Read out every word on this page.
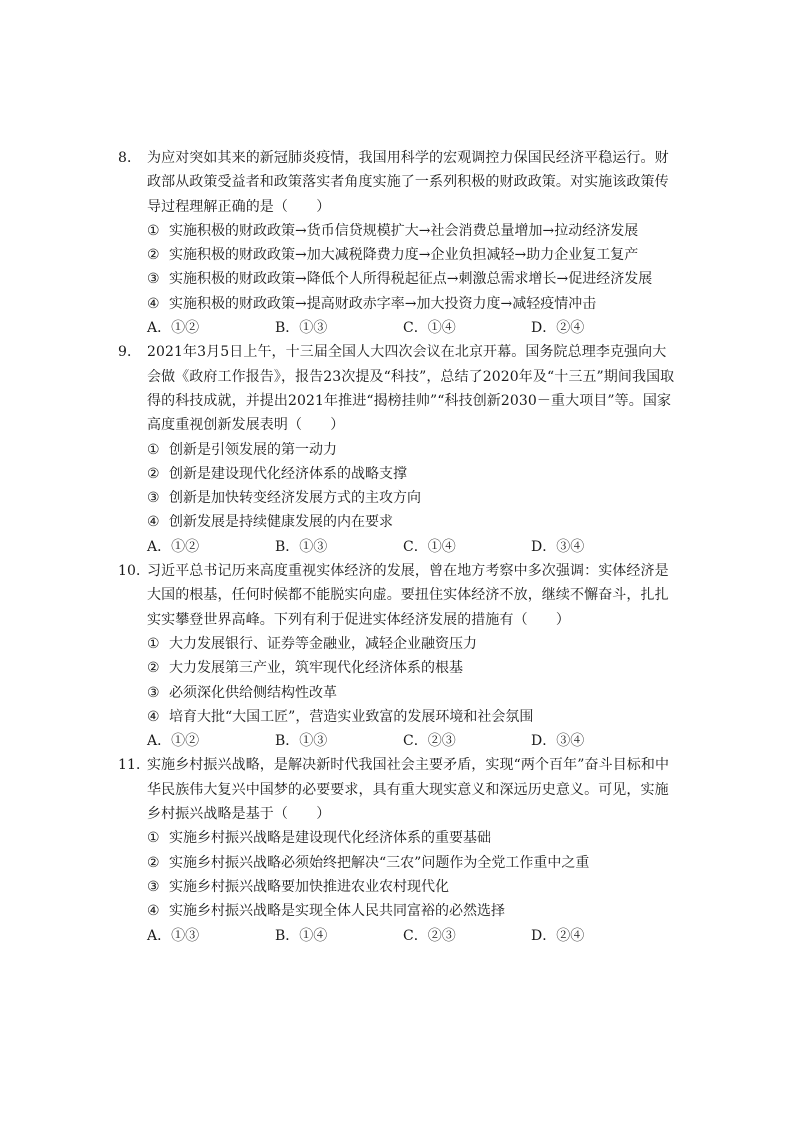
8． 为应对突如其来的新冠肺炎疫情，我国用科学的宏观调控力保国民经济平稳运行。财政部从政策受益者和政策落实者角度实施了一系列积极的财政政策。对实施该政策传导过程理解正确的是（　　）
① 实施积极的财政政策→货币信贷规模扩大→社会消费总量增加→拉动经济发展
② 实施积极的财政政策→加大减税降费力度→企业负担减轻→助力企业复工复产
③ 实施积极的财政政策→降低个人所得税起征点→刺激总需求增长→促进经济发展
④ 实施积极的财政政策→提高财政赤字率→加大投资力度→减轻疫情冲击
A．①②	B．①③	C．①④	D．②④
9． 2021年3月5日上午，十三届全国人大四次会议在北京开幕。国务院总理李克强向大会做《政府工作报告》，报告23次提及“科技”，总结了2020年及“十三五”期间我国取得的科技成就，并提出2021年推进“揭榜挂帅”“科技创新2030－重大项目”等。国家高度重视创新发展表明（　　）
① 创新是引领发展的第一动力
② 创新是建设现代化经济体系的战略支撑
③ 创新是加快转变经济发展方式的主攻方向
④ 创新发展是持续健康发展的内在要求
A．①②	B．①③	C．①④	D．③④
10．习近平总书记历来高度重视实体经济的发展，曾在地方考察中多次强调：实体经济是大国的根基，任何时候都不能脱实向虚。要扭住实体经济不放，继续不懈奋斗，扎扎实实攀登世界高峰。下列有利于促进实体经济发展的措施有（　　）
① 大力发展银行、证券等金融业，减轻企业融资压力
② 大力发展第三产业，筑牢现代化经济体系的根基
③ 必须深化供给侧结构性改革
④ 培育大批“大国工匠”，营造实业致富的发展环境和社会氛围
A．①②	B．①③	C．②③	D．③④
11．实施乡村振兴战略，是解决新时代我国社会主要矛盾，实现“两个百年”奋斗目标和中华民族伟大复兴中国梦的必要要求，具有重大现实意义和深远历史意义。可见，实施乡村振兴战略是基于（　　）
① 实施乡村振兴战略是建设现代化经济体系的重要基础
② 实施乡村振兴战略必须始终把解决“三农”问题作为全党工作重中之重
③ 实施乡村振兴战略要加快推进农业农村现代化
④ 实施乡村振兴战略是实现全体人民共同富裕的必然选择
A．①③	B．①④	C．②③	D．②④
